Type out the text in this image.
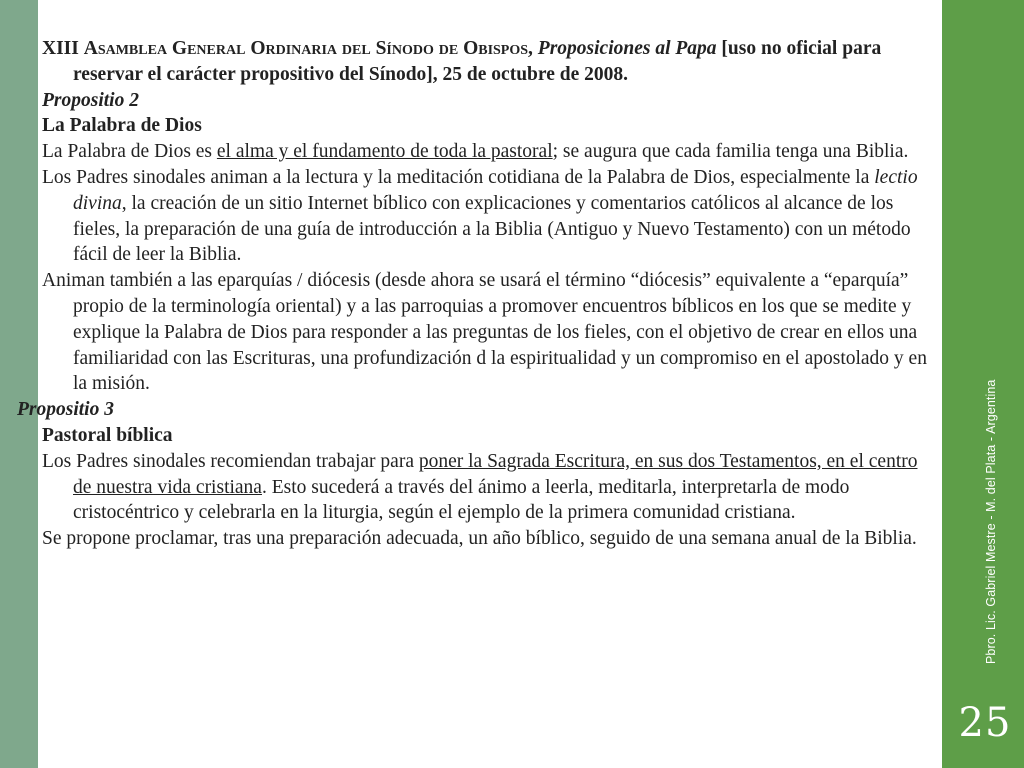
XIII Asamblea General Ordinaria del Sínodo de Obispos, Proposiciones al Papa [uso no oficial para reservar el carácter propositivo del Sínodo], 25 de octubre de 2008.

Propositio 2

La Palabra de Dios

La Palabra de Dios es el alma y el fundamento de toda la pastoral; se augura que cada familia tenga una Biblia.

Los Padres sinodales animan a la lectura y la meditación cotidiana de la Palabra de Dios, especialmente la lectio divina, la creación de un sitio Internet bíblico con explicaciones y comentarios católicos al alcance de los fieles, la preparación de una guía de introducción a la Biblia (Antiguo y Nuevo Testamento) con un método fácil de leer la Biblia.

Animan también a las eparquías / diócesis (desde ahora se usará el término “diócesis” equivalente a “eparquía” propio de la terminología oriental) y a las parroquias a promover encuentros bíblicos en los que se medite y explique la Palabra de Dios para responder a las preguntas de los fieles, con el objetivo de crear en ellos una familiaridad con las Escrituras, una profundización d la espiritualidad y un compromiso en el apostolado y en la misión.

Propositio 3

Pastoral bíblica

Los Padres sinodales recomiendan trabajar para poner la Sagrada Escritura, en sus dos Testamentos, en el centro de nuestra vida cristiana. Esto sucederá a través del ánimo a leerla, meditarla, interpretarla de modo cristocéntrico y celebrarla en la liturgia, según el ejemplo de la primera comunidad cristiana.

Se propone proclamar, tras una preparación adecuada, un año bíblico, seguido de una semana anual de la Biblia.	Pbro. Lic. Gabriel Mestre - M. del Plata - Argentina
25
